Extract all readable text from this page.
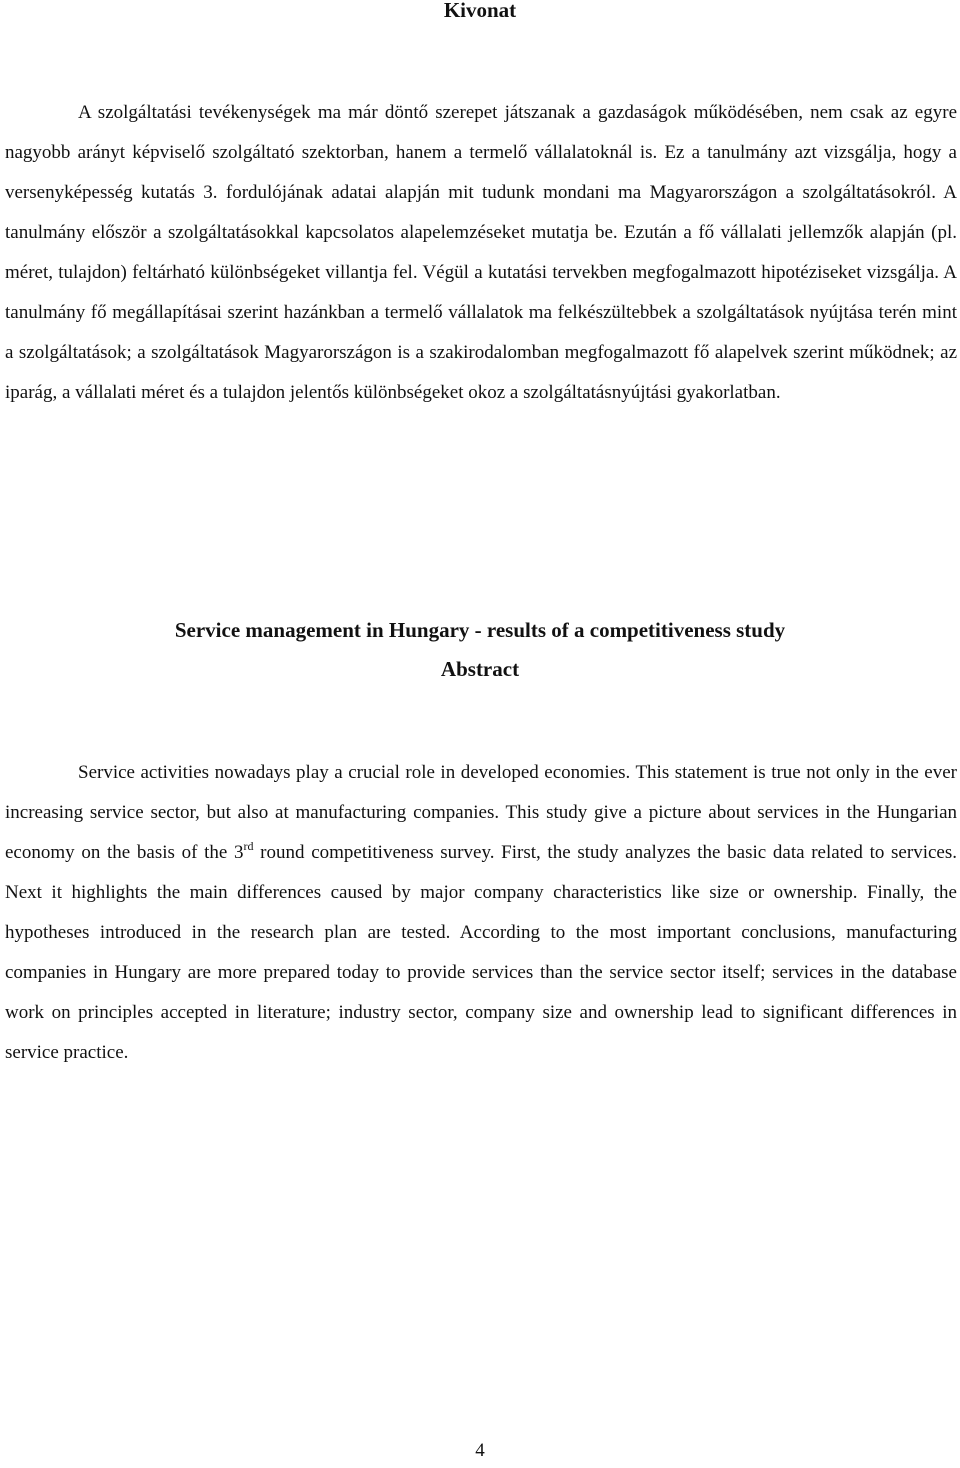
Kivonat

A szolgáltatási tevékenységek ma már döntő szerepet játszanak a gazdaságok működésében, nem csak az egyre nagyobb arányt képviselő szolgáltató szektorban, hanem a termelő vállalatoknál is. Ez a tanulmány azt vizsgálja, hogy a versenyképesség kutatás 3. fordulójának adatai alapján mit tudunk mondani ma Magyarországon a szolgáltatásokról. A tanulmány először a szolgáltatásokkal kapcsolatos alapelemzéseket mutatja be. Ezután a fő vállalati jellemzők alapján (pl. méret, tulajdon) feltárható különbségeket villantja fel. Végül a kutatási tervekben megfogalmazott hipotéziseket vizsgálja. A tanulmány fő megállapításai szerint hazánkban a termelő vállalatok ma felkészültebbek a szolgáltatások nyújtása terén mint a szolgáltatások; a szolgáltatások Magyarországon is a szakirodalomban megfogalmazott fő alapelvek szerint működnek; az iparág, a vállalati méret és a tulajdon jelentős különbségeket okoz a szolgáltatásnyújtási gyakorlatban.

Service management in Hungary - results of a competitiveness study
Abstract

Service activities nowadays play a crucial role in developed economies. This statement is true not only in the ever increasing service sector, but also at manufacturing companies. This study give a picture about services in the Hungarian economy on the basis of the 3rd round competitiveness survey. First, the study analyzes the basic data related to services. Next it highlights the main differences caused by major company characteristics like size or ownership. Finally, the hypotheses introduced in the research plan are tested. According to the most important conclusions, manufacturing companies in Hungary are more prepared today to provide services than the service sector itself; services in the database work on principles accepted in literature; industry sector, company size and ownership lead to significant differences in service practice.

4
